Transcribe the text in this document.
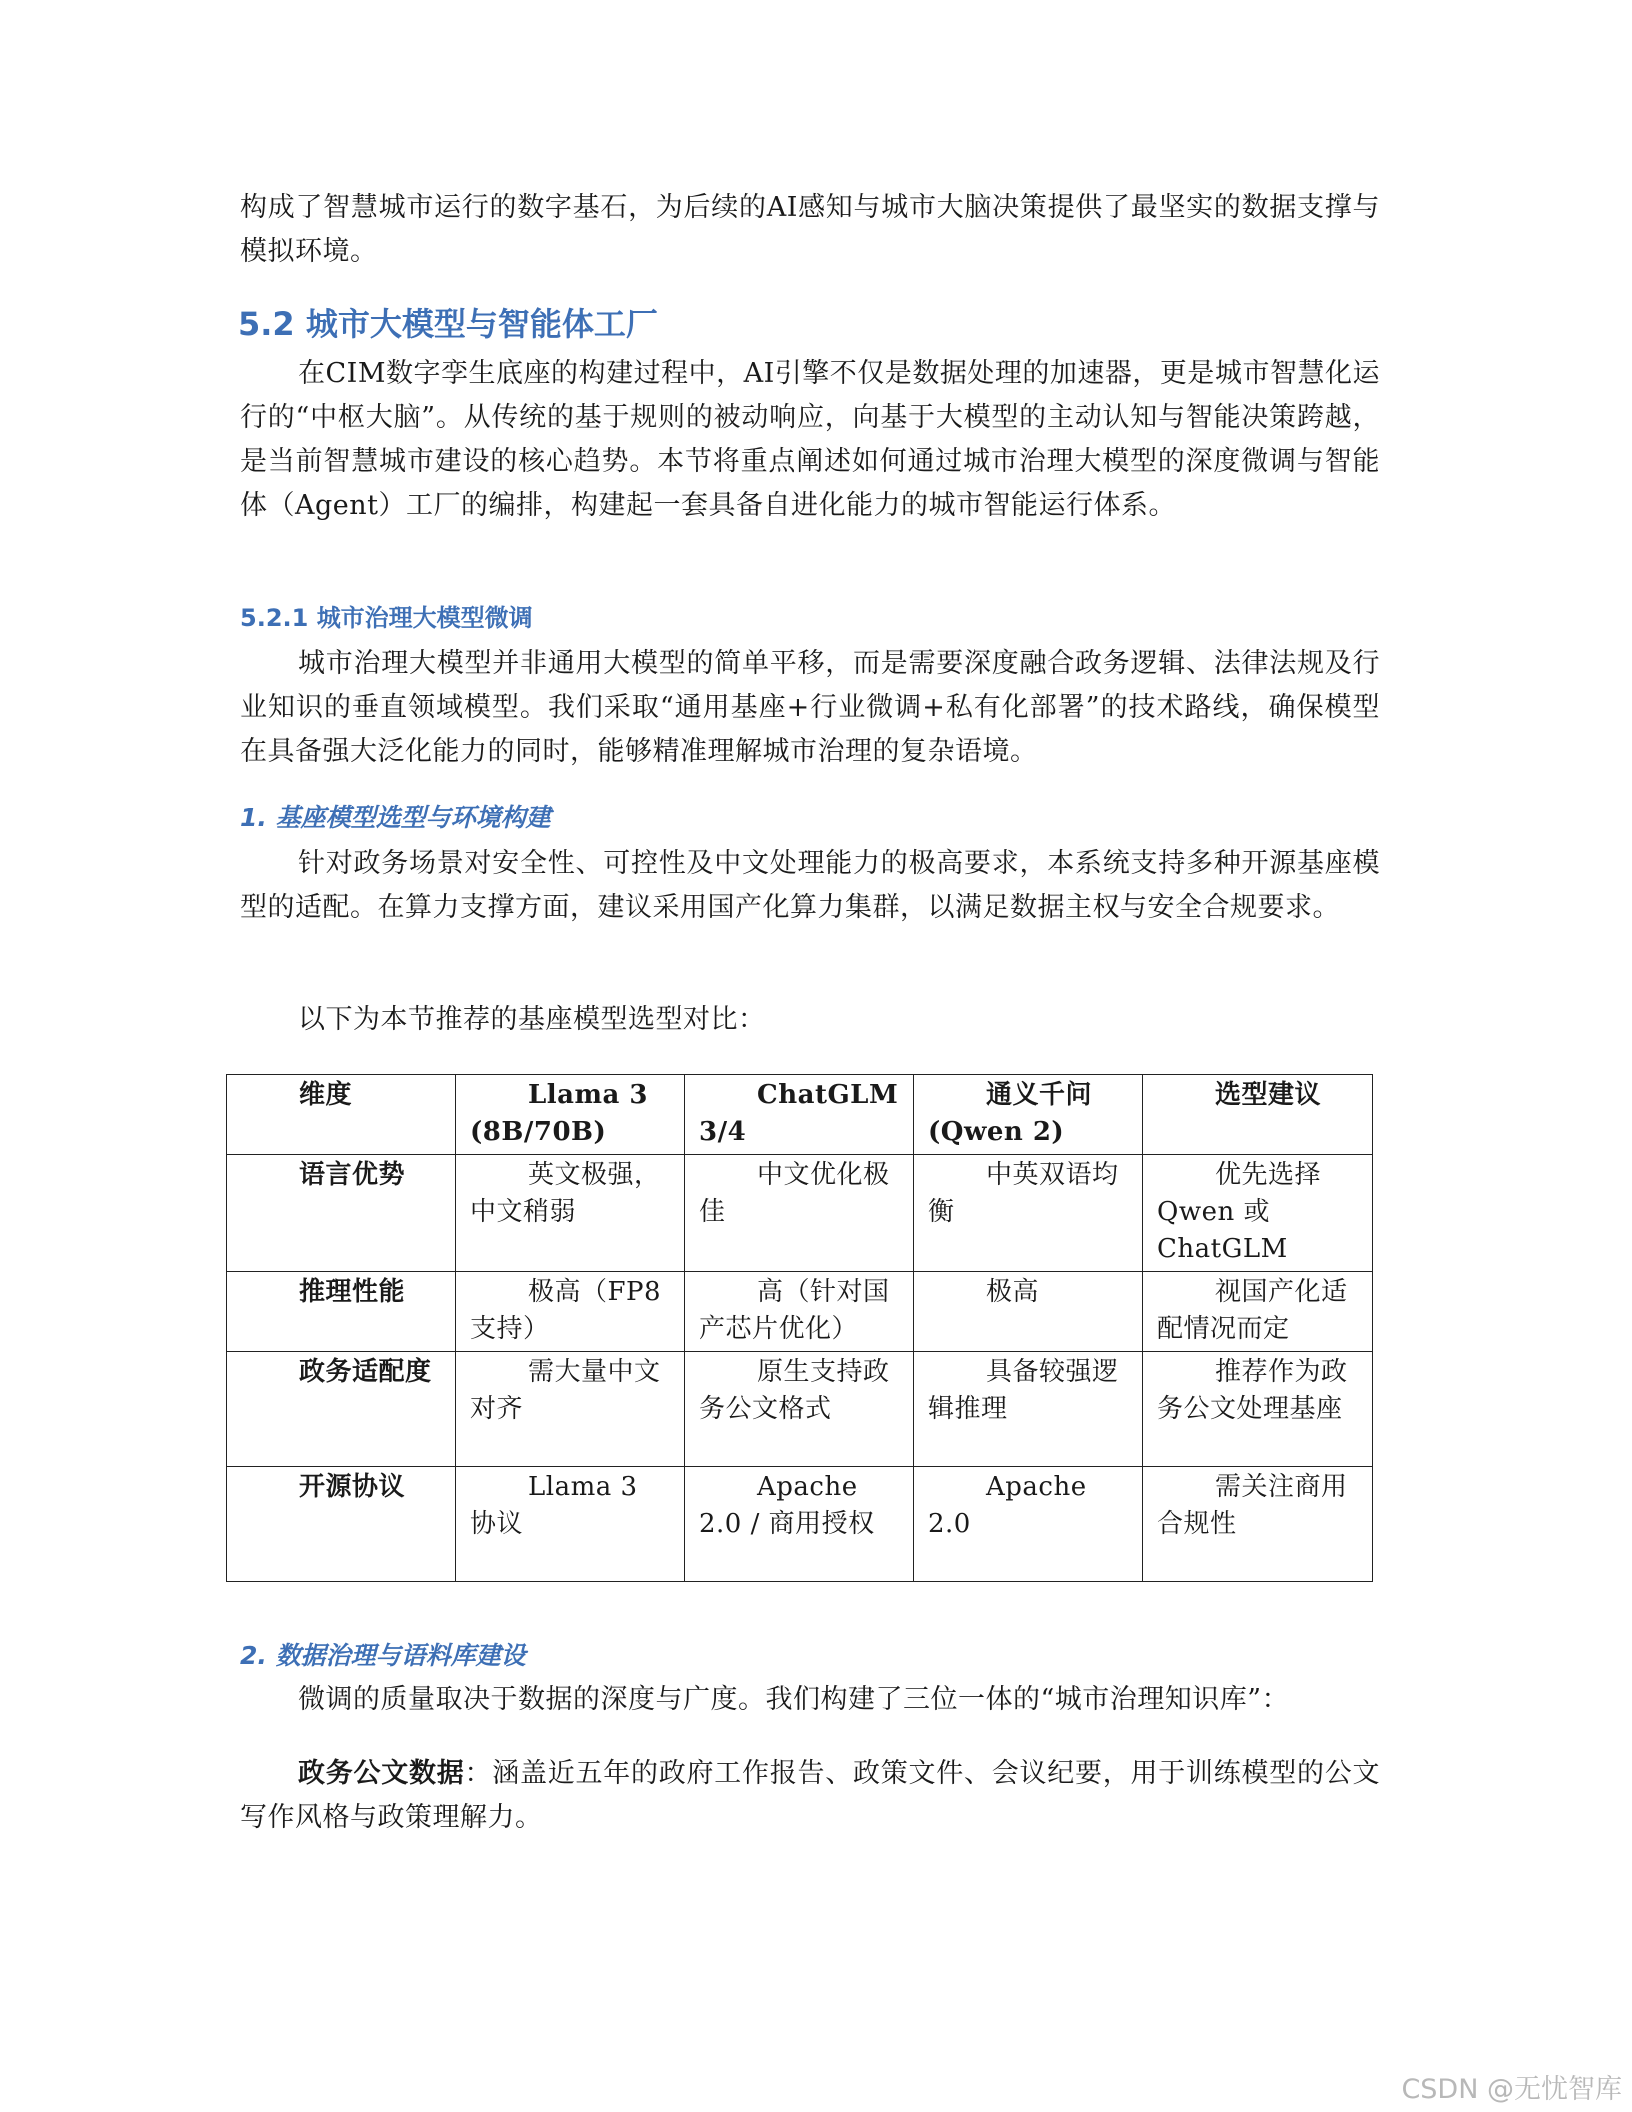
构成了智慧城市运行的数字基石，为后续的AI感知与城市大脑决策提供了最坚实的数据支撑与模拟环境。

5.2 城市大模型与智能体工厂

在CIM数字孪生底座的构建过程中，AI引擎不仅是数据处理的加速器，更是城市智慧化运行的“中枢大脑”。从传统的基于规则的被动响应，向基于大模型的主动认知与智能决策跨越，是当前智慧城市建设的核心趋势。本节将重点阐述如何通过城市治理大模型的深度微调与智能体（Agent）工厂的编排，构建起一套具备自进化能力的城市智能运行体系。

5.2.1 城市治理大模型微调

城市治理大模型并非通用大模型的简单平移，而是需要深度融合政务逻辑、法律法规及行业知识的垂直领域模型。我们采取“通用基座+行业微调+私有化部署”的技术路线，确保模型在具备强大泛化能力的同时，能够精准理解城市治理的复杂语境。

1. 基座模型选型与环境构建

针对政务场景对安全性、可控性及中文处理能力的极高要求，本系统支持多种开源基座模型的适配。在算力支撑方面，建议采用国产化算力集群，以满足数据主权与安全合规要求。

以下为本节推荐的基座模型选型对比：

2. 数据治理与语料库建设

微调的质量取决于数据的深度与广度。我们构建了三位一体的“城市治理知识库”：

政务公文数据：涵盖近五年的政府工作报告、政策文件、会议纪要，用于训练模型的公文写作风格与政策理解力。

维度	Llama 3 (8B/70B)	ChatGLM 3/4	通义千问 (Qwen 2)	选型建议
语言优势	英文极强，中文稍弱	中文优化极佳	中英双语均衡	优先选择 Qwen 或 ChatGLM
推理性能	极高（FP8支持）	高（针对国产芯片优化）	极高	视国产化适配情况而定
政务适配度	需大量中文对齐	原生支持政务公文格式	具备较强逻辑推理	推荐作为政务公文处理基座
开源协议	Llama 3 协议	Apache 2.0 / 商用授权	Apache 2.0	需关注商用合规性
CSDN @无忧智库
